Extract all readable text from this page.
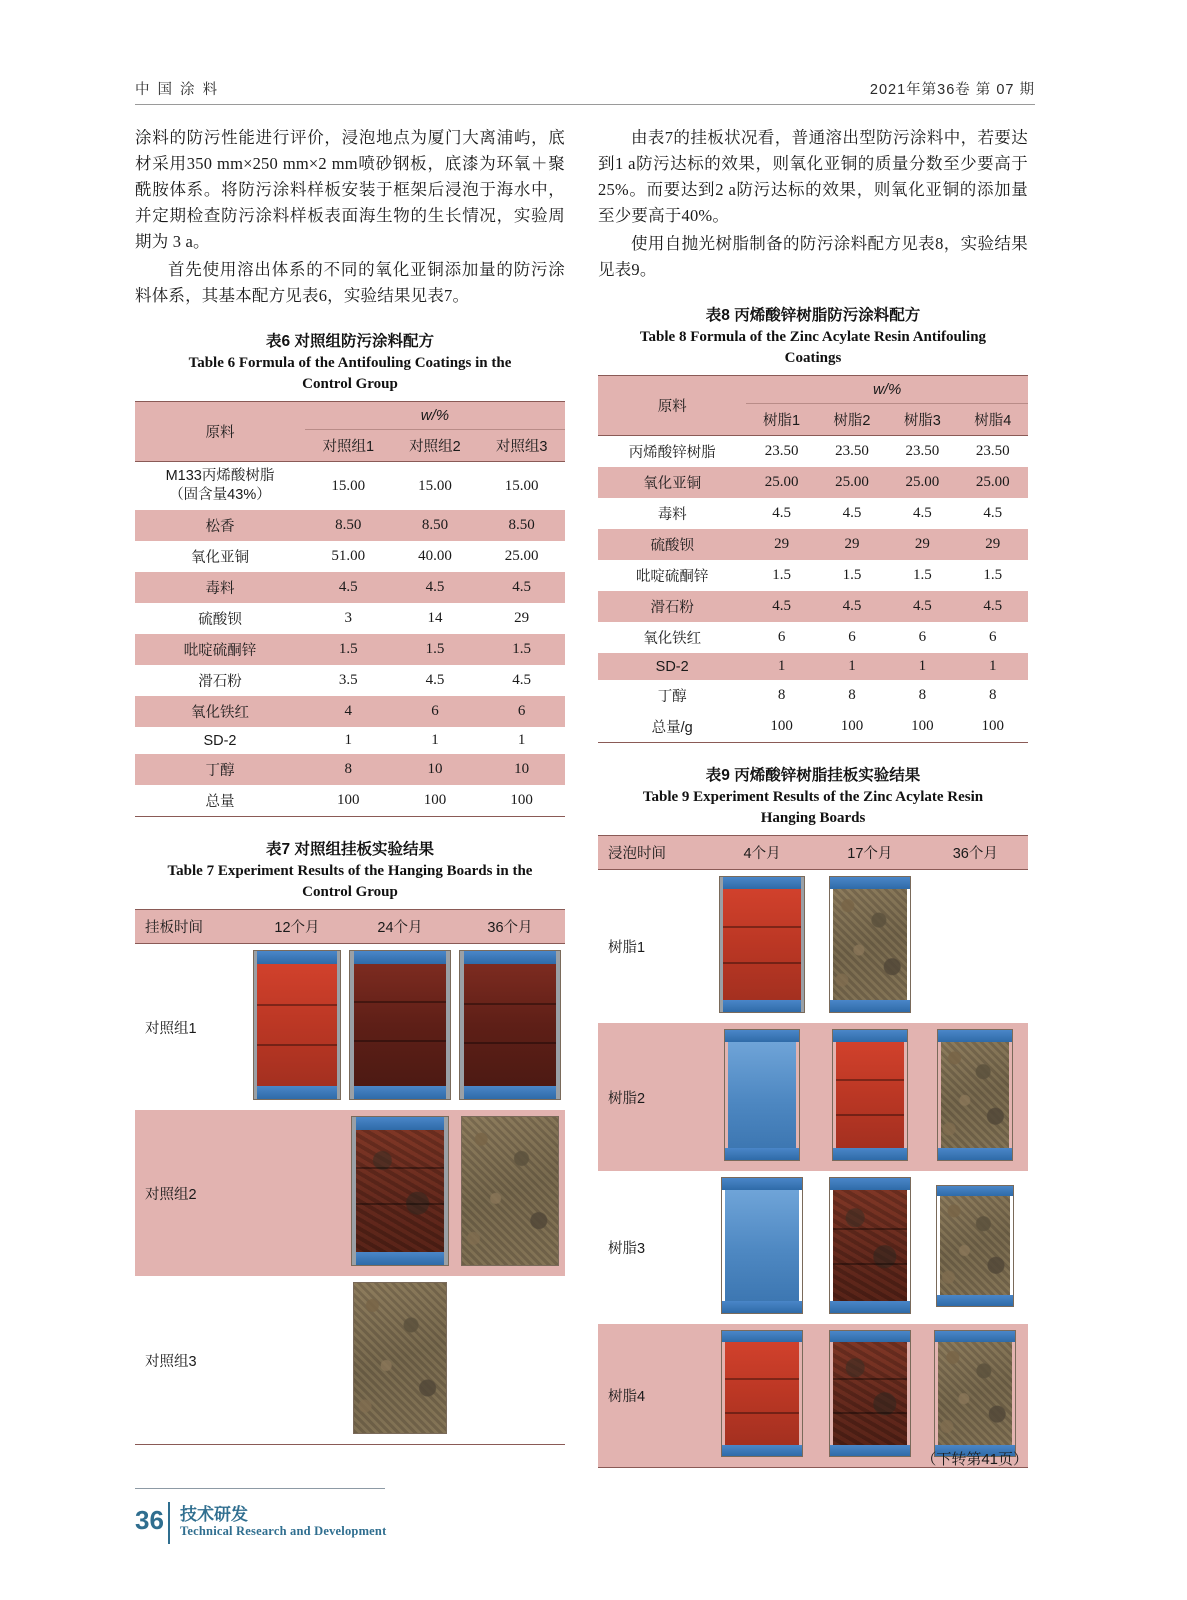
中 国 涂 料	2021年第36卷 第 07 期

涂料的防污性能进行评价，浸泡地点为厦门大离浦屿，底材采用350 mm×250 mm×2 mm喷砂钢板，底漆为环氧＋聚酰胺体系。将防污涂料样板安装于框架后浸泡于海水中，并定期检查防污涂料样板表面海生物的生长情况，实验周期为 3 a。

首先使用溶出体系的不同的氧化亚铜添加量的防污涂料体系，其基本配方见表6，实验结果见表7。

表6 对照组防污涂料配方
Table 6 Formula of the Antifouling Coatings in the
Control Group
原料	w/%		
	对照组1	对照组2	对照组3
M133丙烯酸树脂
（固含量43%）	15.00	15.00	15.00
松香	8.50	8.50	8.50
氧化亚铜	51.00	40.00	25.00
毒料	4.5	4.5	4.5
硫酸钡	3	14	29
吡啶硫酮锌	1.5	1.5	1.5
滑石粉	3.5	4.5	4.5
氧化铁红	4	6	6
SD-2	1	1	1
丁醇	8	10	10
总量	100	100	100
表7 对照组挂板实验结果
Table 7 Experiment Results of the Hanging Boards in the
Control Group
挂板时间	12个月	24个月	36个月
对照组1	

对照组2		

对照组3		

由表7的挂板状况看，普通溶出型防污涂料中，若要达到1 a防污达标的效果，则氧化亚铜的质量分数至少要高于25%。而要达到2 a防污达标的效果，则氧化亚铜的添加量至少要高于40%。

使用自抛光树脂制备的防污涂料配方见表8，实验结果见表9。

表8 丙烯酸锌树脂防污涂料配方
Table 8 Formula of the Zinc Acylate Resin Antifouling
Coatings
原料	w/%			
	树脂1	树脂2	树脂3	树脂4
丙烯酸锌树脂	23.50	23.50	23.50	23.50
氧化亚铜	25.00	25.00	25.00	25.00
毒料	4.5	4.5	4.5	4.5
硫酸钡	29	29	29	29
吡啶硫酮锌	1.5	1.5	1.5	1.5
滑石粉	4.5	4.5	4.5	4.5
氧化铁红	6	6	6	6
SD-2	1	1	1	1
丁醇	8	8	8	8
总量/g	100	100	100	100
表9 丙烯酸锌树脂挂板实验结果
Table 9 Experiment Results of the Zinc Acylate Resin
Hanging Boards
浸泡时间	4个月	17个月	36个月
树脂1	

树脂2	

树脂3	

树脂4	

（下转第41页）
36 技术研发
Technical Research and Development
